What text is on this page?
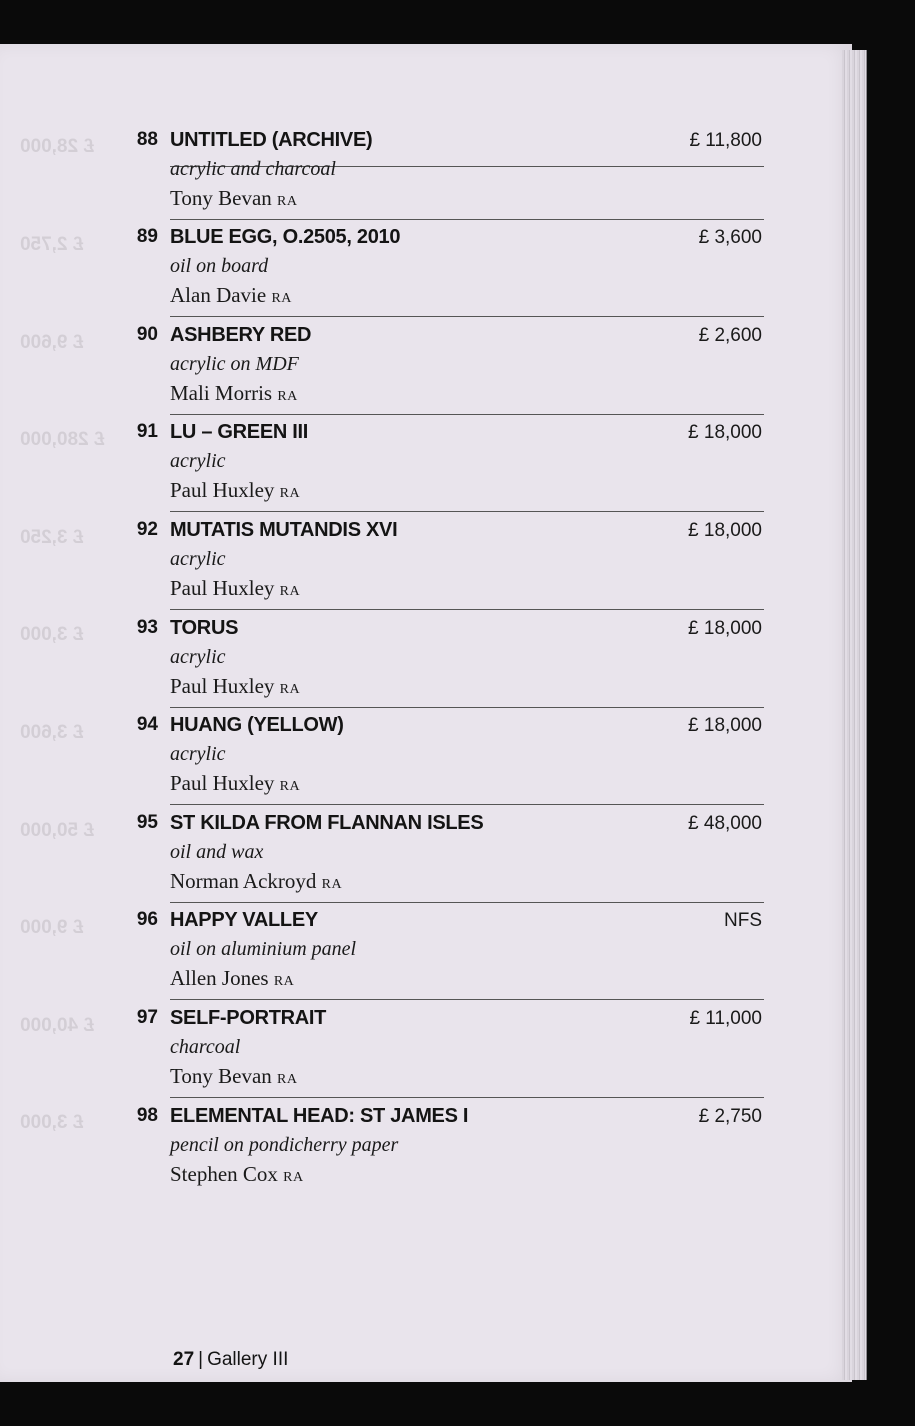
£ 28,000
£ 2,750
£ 9,600
£ 280,000
£ 3,250
£ 3,000
£ 3,600
£ 50,000
£ 9,000
£ 40,000
£ 3,000
88 UNTITLED (ARCHIVE)
acrylic and charcoal
Tony Bevan RA
£ 11,800
89 BLUE EGG, O.2505, 2010
oil on board
Alan Davie RA
£ 3,600
90 ASHBERY RED
acrylic on MDF
Mali Morris RA
£ 2,600
91 LU – GREEN III
acrylic
Paul Huxley RA
£ 18,000
92 MUTATIS MUTANDIS XVI
acrylic
Paul Huxley RA
£ 18,000
93 TORUS
acrylic
Paul Huxley RA
£ 18,000
94 HUANG (YELLOW)
acrylic
Paul Huxley RA
£ 18,000
95 ST KILDA FROM FLANNAN ISLES
oil and wax
Norman Ackroyd RA
£ 48,000
96 HAPPY VALLEY
oil on aluminium panel
Allen Jones RA
NFS
97 SELF-PORTRAIT
charcoal
Tony Bevan RA
£ 11,000
98 ELEMENTAL HEAD: ST JAMES I
pencil on pondicherry paper
Stephen Cox RA
£ 2,750
27 | Gallery III
